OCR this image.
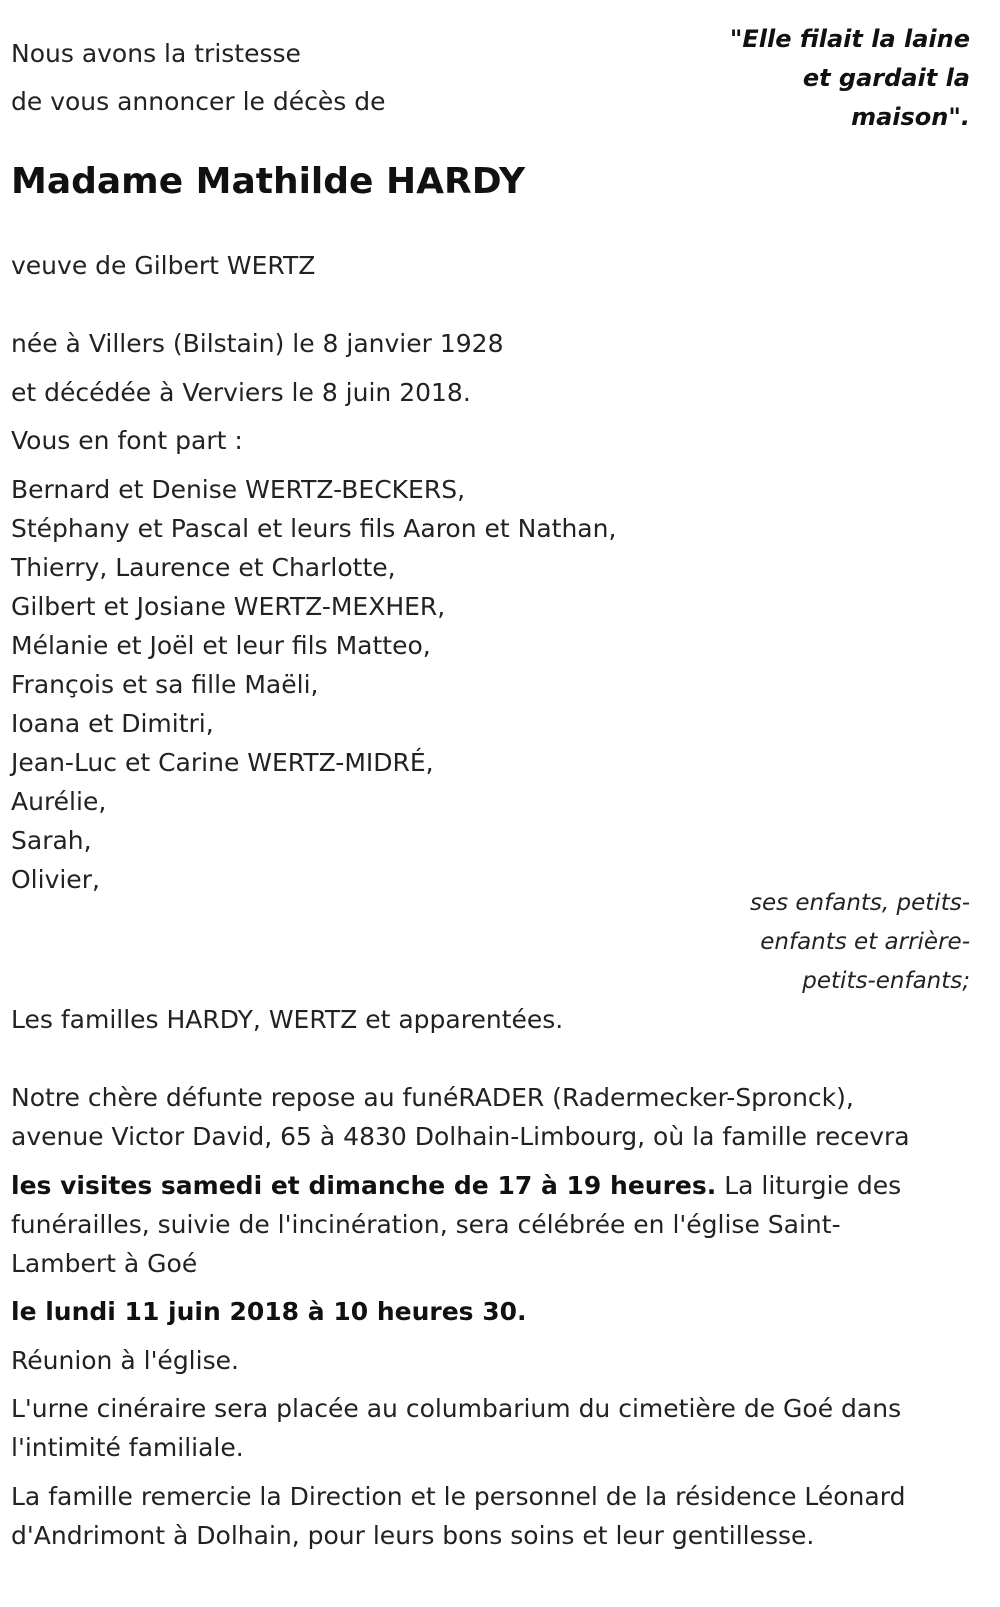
Nous avons la tristesse

de vous annoncer le décès de

"Elle filait la laine
et gardait la
maison".
Madame Mathilde HARDY

veuve de Gilbert WERTZ

née à Villers (Bilstain) le 8 janvier 1928

et décédée à Verviers le 8 juin 2018.

Vous en font part :

Bernard et Denise WERTZ-BECKERS,
Stéphany et Pascal et leurs fils Aaron et Nathan,
Thierry, Laurence et Charlotte,
Gilbert et Josiane WERTZ-MEXHER,
Mélanie et Joël et leur fils Matteo,
François et sa fille Maëli,
Ioana et Dimitri,
Jean-Luc et Carine WERTZ-MIDRÉ,
Aurélie,
Sarah,
Olivier,
ses enfants, petits-
enfants et arrière-
petits-enfants;

Les familles HARDY, WERTZ et apparentées.

Notre chère défunte repose au funéRADER (Radermecker-Spronck),
avenue Victor David, 65 à 4830 Dolhain-Limbourg, où la famille recevra
les visites samedi et dimanche de 17 à 19 heures. La liturgie des
funérailles, suivie de l'incinération, sera célébrée en l'église Saint-
Lambert à Goé

le lundi 11 juin 2018 à 10 heures 30.

Réunion à l'église.

L'urne cinéraire sera placée au columbarium du cimetière de Goé dans
l'intimité familiale.
La famille remercie la Direction et le personnel de la résidence Léonard
d'Andrimont à Dolhain, pour leurs bons soins et leur gentillesse.
